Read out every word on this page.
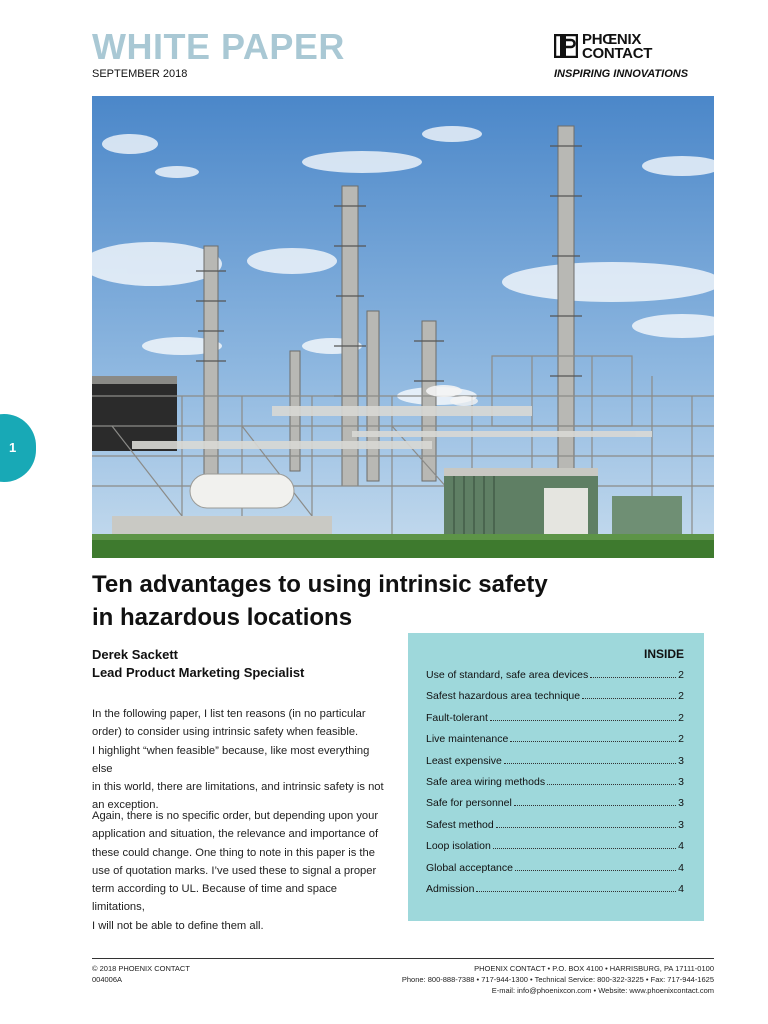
WHITE PAPER
SEPTEMBER 2018
PHŒNIX
CONTACT
INSPIRING INNOVATIONS
1
Ten advantages to using intrinsic safety
in hazardous locations
Derek Sackett
Lead Product Marketing Specialist
In the following paper, I list ten reasons (in no particular
order) to consider using intrinsic safety when feasible.
I highlight “when feasible” because, like most everything else
in this world, there are limitations, and intrinsic safety is not
an exception.
Again, there is no specific order, but depending upon your
application and situation, the relevance and importance of
these could change. One thing to note in this paper is the
use of quotation marks. I’ve used these to signal a proper
term according to UL. Because of time and space limitations,
I will not be able to define them all.
INSIDE
Use of standard, safe area devices	2
Safest hazardous area technique	2
Fault-tolerant	2
Live maintenance	2
Least expensive	3
Safe area wiring methods	3
Safe for personnel	3
Safest method	3
Loop isolation	4
Global acceptance	4
Admission	4
© 2018 PHOENIX CONTACT
004006A
PHOENIX CONTACT • P.O. BOX 4100 • HARRISBURG, PA 17111-0100
Phone: 800-888-7388 • 717-944-1300 • Technical Service: 800-322-3225 • Fax: 717-944-1625
E-mail: info@phoenixcon.com • Website: www.phoenixcontact.com
